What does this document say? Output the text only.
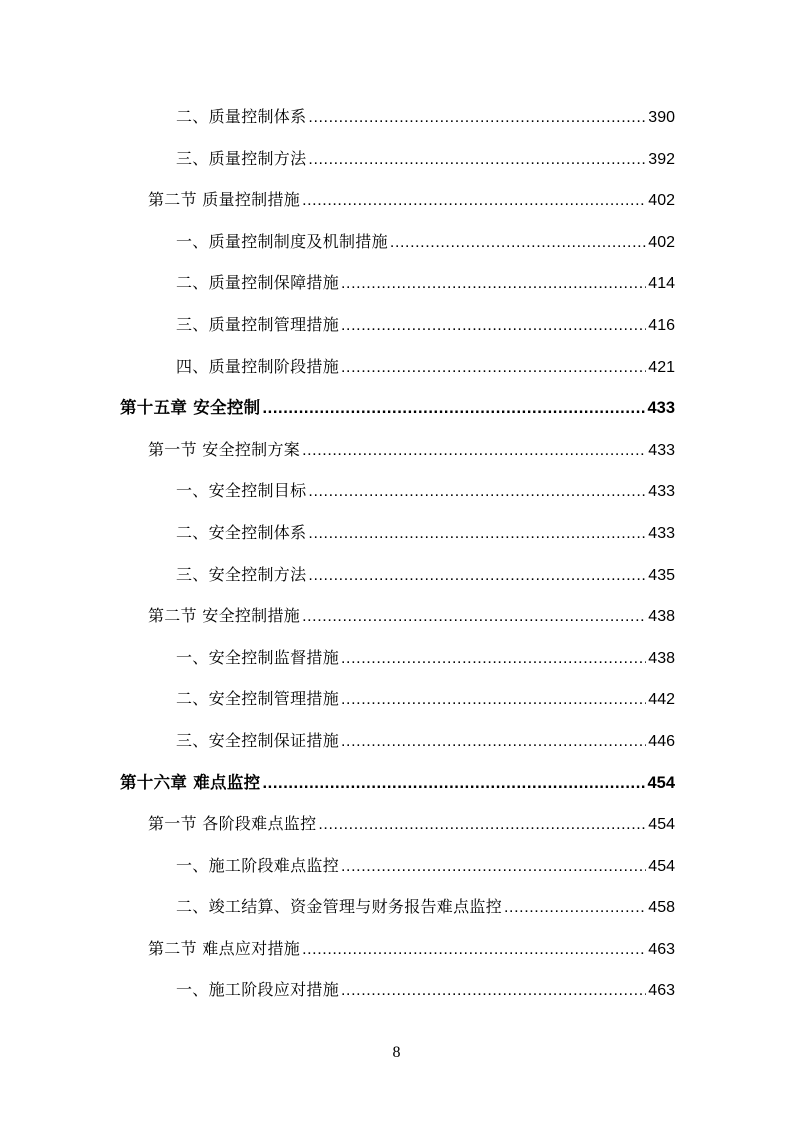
二、质量控制体系 .....	390
三、质量控制方法 .....	392
第二节 质量控制措施 .....	402
一、质量控制制度及机制措施 .....	402
二、质量控制保障措施 .....	414
三、质量控制管理措施 .....	416
四、质量控制阶段措施 .....	421
第十五章 安全控制 .....	433
第一节 安全控制方案 .....	433
一、安全控制目标 .....	433
二、安全控制体系 .....	433
三、安全控制方法 .....	435
第二节 安全控制措施 .....	438
一、安全控制监督措施 .....	438
二、安全控制管理措施 .....	442
三、安全控制保证措施 .....	446
第十六章 难点监控 .....	454
第一节 各阶段难点监控 .....	454
一、施工阶段难点监控 .....	454
二、竣工结算、资金管理与财务报告难点监控 .....	458
第二节 难点应对措施 .....	463
一、施工阶段应对措施 .....	463
8
